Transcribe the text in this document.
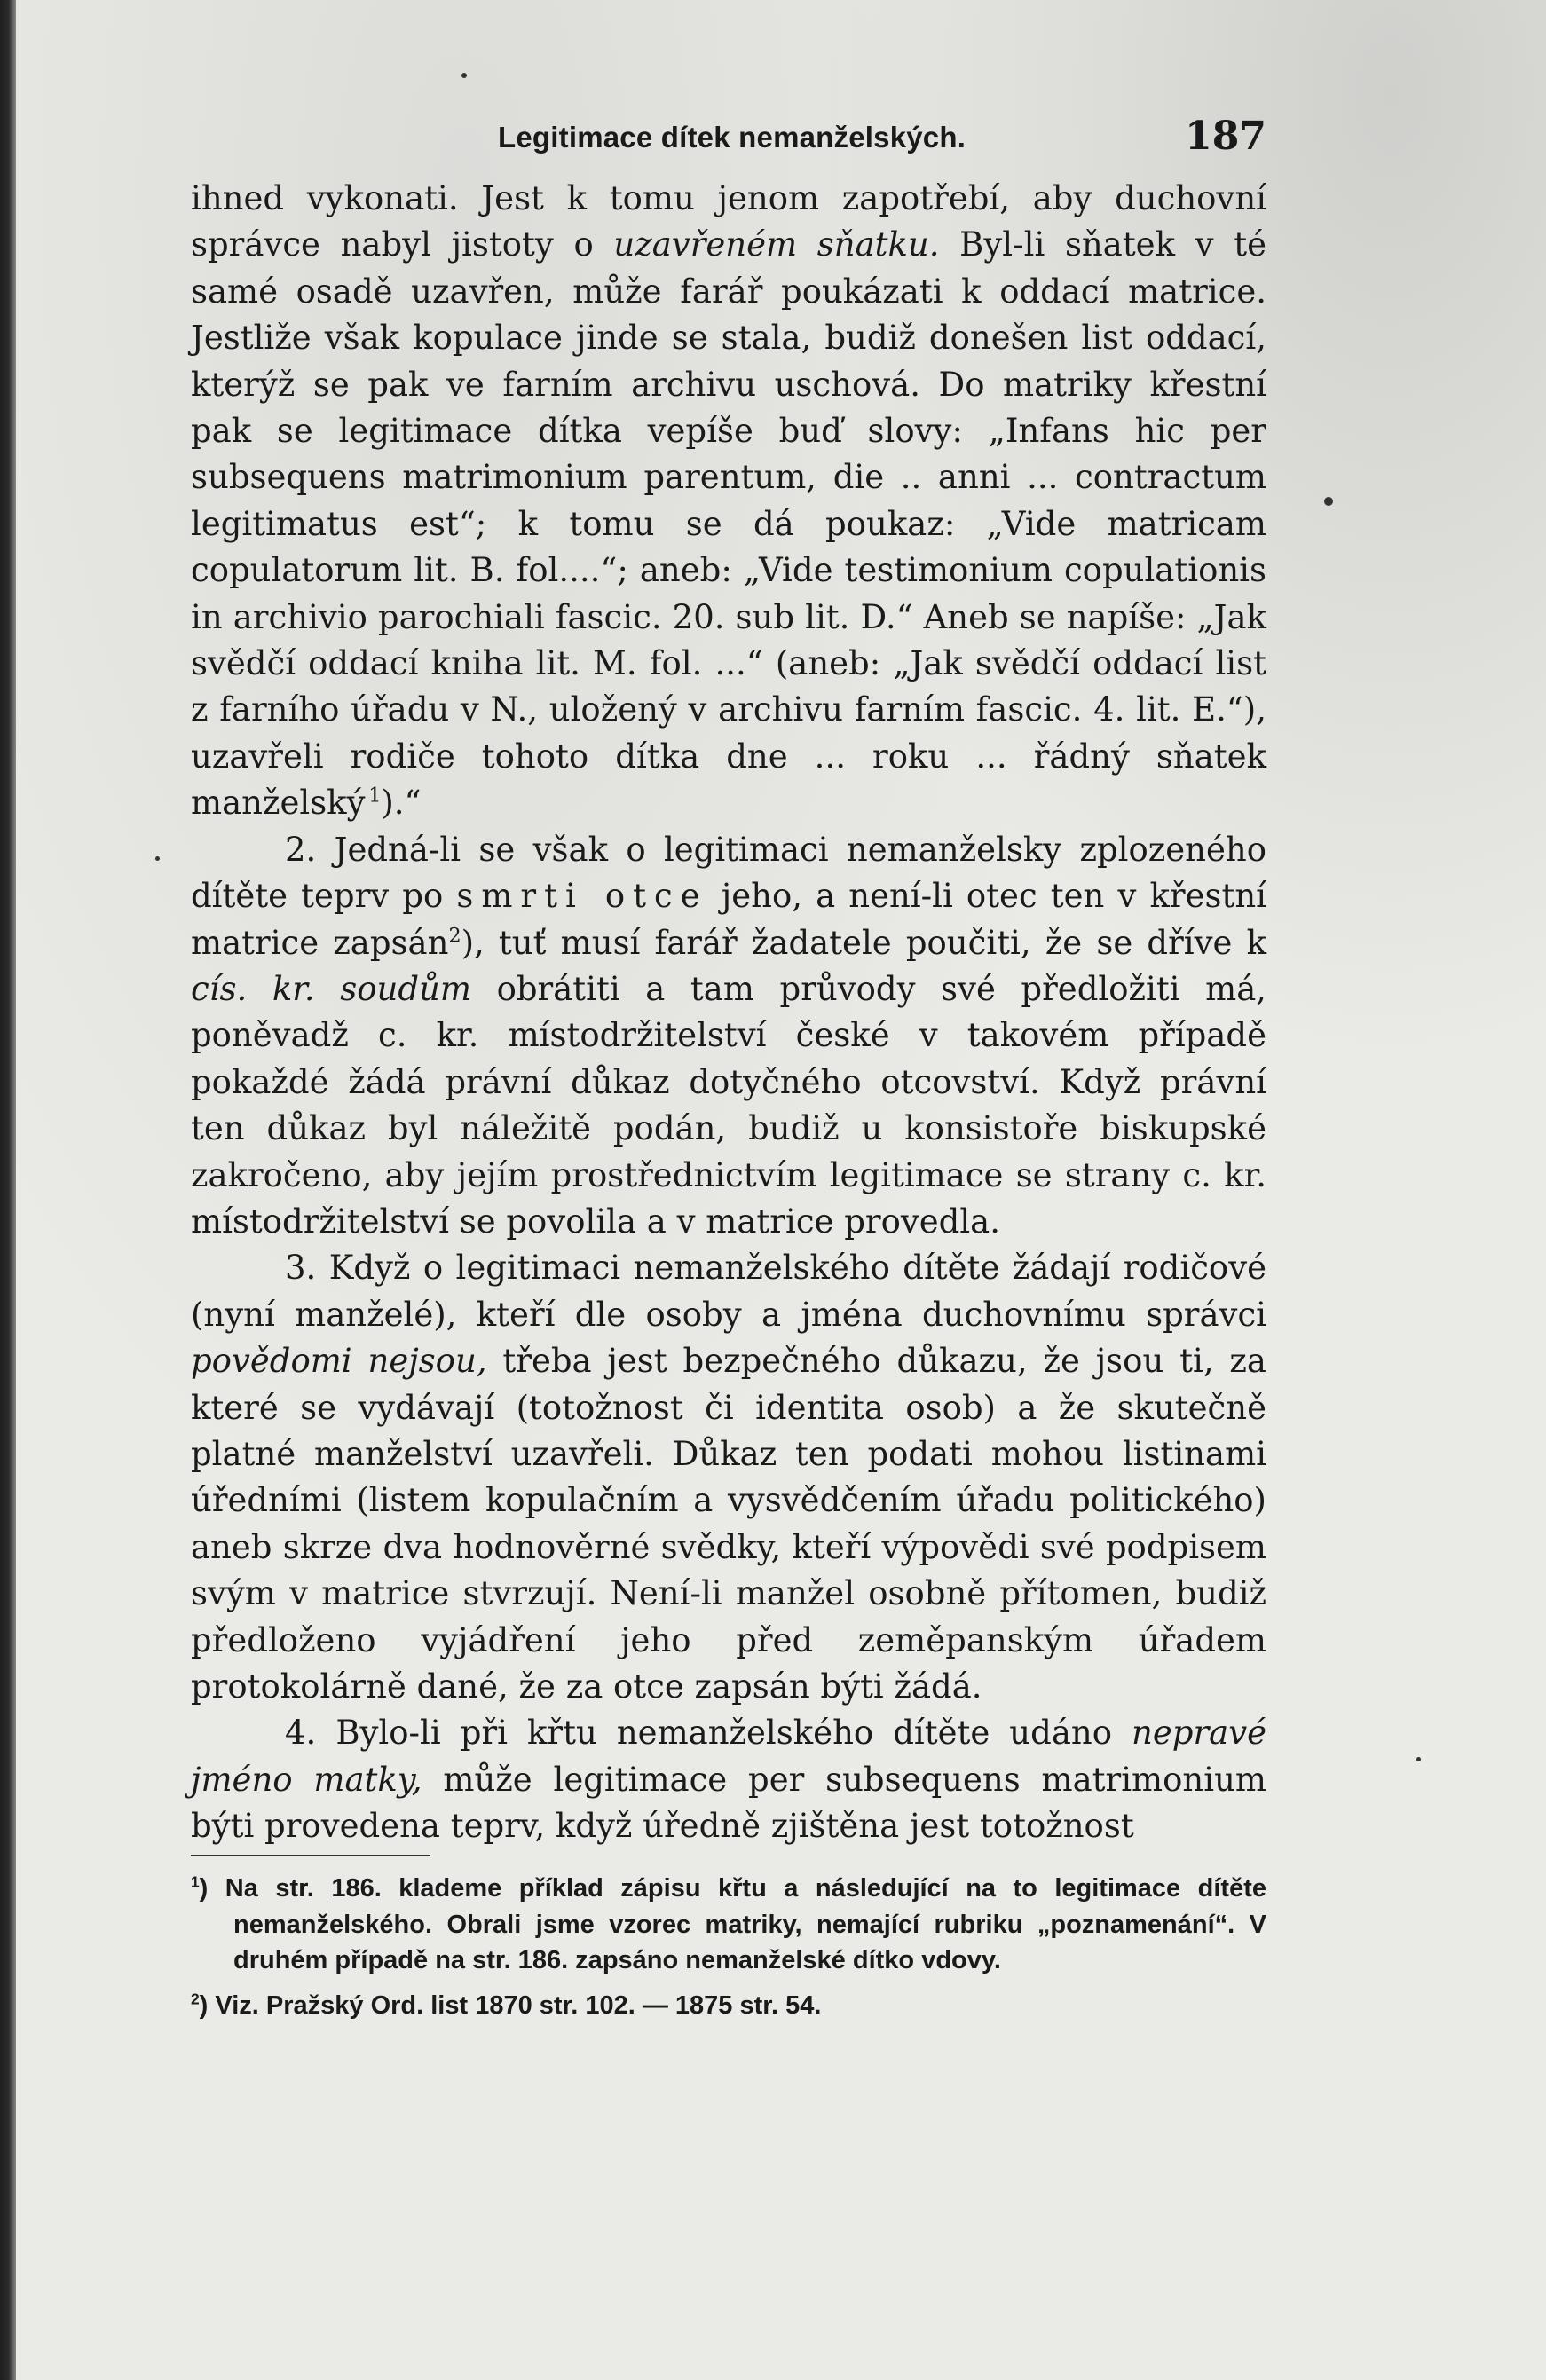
Legitimace dítek nemanželských.	187

ihned vykonati. Jest k tomu jenom zapotřebí, aby duchovní správce nabyl jistoty o uzavřeném sňatku. Byl-li sňatek v té samé osadě uzavřen, může farář poukázati k oddací matrice. Jestliže však kopulace jinde se stala, budiž donešen list oddací, kterýž se pak ve farním archivu uschová. Do matriky křestní pak se legitimace dítka vepíše buď slovy: „Infans hic per subsequens matrimonium parentum, die .. anni ... contractum legitimatus est“; k tomu se dá poukaz: „Vide matricam copulatorum lit. B. fol....“; aneb: „Vide testimonium copulationis in archivio parochiali fascic. 20. sub lit. D.“ Aneb se napíše: „Jak svědčí oddací kniha lit. M. fol. ...“ (aneb: „Jak svědčí oddací list z farního úřadu v N., uložený v archivu farním fascic. 4. lit. E.“), uzavřeli rodiče tohoto dítka dne ... roku ... řádný sňatek manželský  $^1$).“

2. Jedná-li se však o legitimaci nemanželsky zplozeného dítěte teprv po smrti otce jeho, a není-li otec ten v křestní matrice zapsán$^2$), tuť musí farář žadatele poučiti, že se dříve k cís. kr. soudům obrátiti a tam průvody své předložiti má, poněvadž c. kr. místodržitelství české v takovém případě pokaždé žádá právní důkaz dotyčného otcovství. Když právní ten důkaz byl náležitě podán, budiž u konsistoře biskupské zakročeno, aby jejím prostřednictvím legitimace se strany c. kr. místodržitelství se povolila a v matrice provedla.

3. Když o legitimaci nemanželského dítěte žádají rodičové (nyní manželé), kteří dle osoby a jména duchovnímu správci povědomi nejsou, třeba jest bezpečného důkazu, že jsou ti, za které se vydávají (totožnost či identita osob) a že skutečně platné manželství uzavřeli. Důkaz ten podati mohou listinami úředními (listem kopulačním a vysvědčením úřadu politického) aneb skrze dva hodnověrné svědky, kteří výpovědi své podpisem svým v matrice stvrzují. Není-li manžel osobně přítomen, budiž předloženo vyjádření jeho před zeměpanským úřadem protokolárně dané, že za otce zapsán býti žádá.

4. Bylo-li při křtu nemanželského dítěte udáno nepravé jméno matky, může legitimace per subsequens matrimonium býti provedena teprv, když úředně zjištěna jest totožnost

$^1$) Na str. 186. klademe příklad zápisu křtu a následující na to legitimace dítěte nemanželského. Obrali jsme vzorec matriky, nemající rubriku „poznamenání“. V druhém případě na str. 186. zapsáno nemanželské dítko vdovy.

$^2$) Viz. Pražský Ord. list 1870 str. 102. — 1875 str. 54.
